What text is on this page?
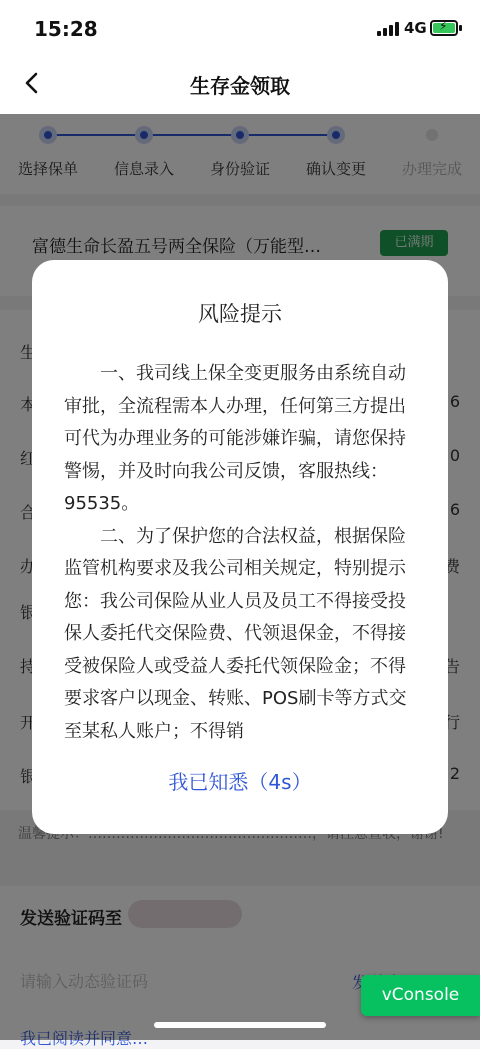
15:28	4G ⚡
生存金领取
请输入动态验证码
风险提示

一、我司线上保全变更服务由系统自动审批，全流程需本人办理，任何第三方提出可代为办理业务的可能涉嫌诈骗，请您保持警惕，并及时向我公司反馈，客服热线：95535。

二、为了保护您的合法权益，根据保险监管机构要求及我公司相关规定，特别提示您：我公司保险从业人员及员工不得接受投保人委托代交保险费、代领退保金，不得接受被保险人或受益人委托代领保险金；不得要求客户以现金、转账、POS刷卡等方式交至某私人账户；不得销

我已知悉（4s）
vConsole
